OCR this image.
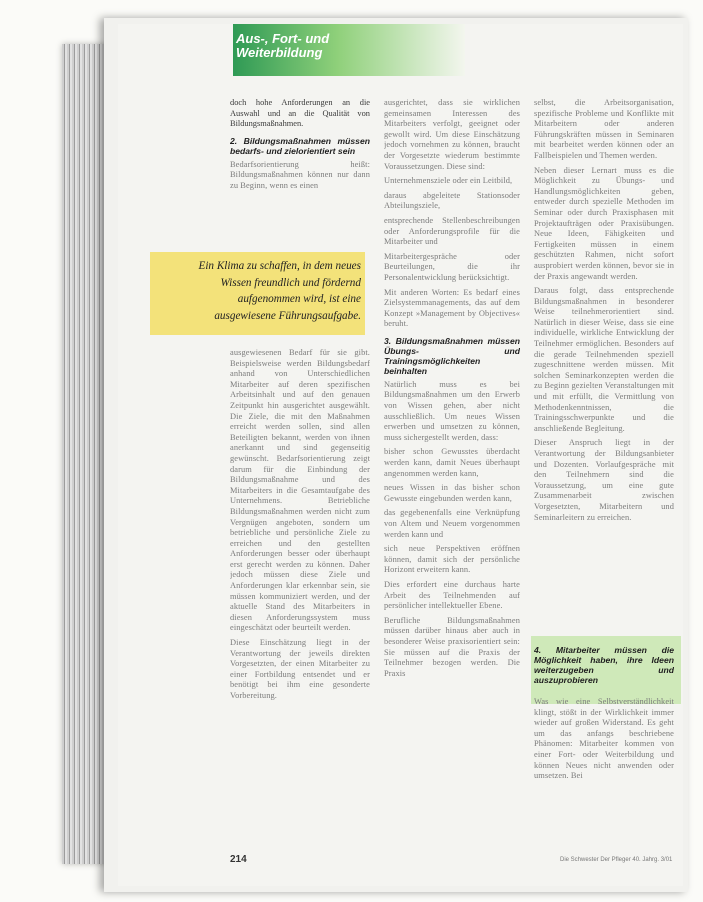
Aus-, Fort- und
Weiterbildung

doch hohe Anforderungen an die Auswahl und an die Qualität von Bildungsmaßnahmen.

2. Bildungsmaßnahmen müssen bedarfs- und zielorientiert sein

Bedarfsorientierung heißt: Bildungsmaßnahmen können nur dann zu Beginn, wenn es einen

Ein Klima zu schaffen, in dem neues
Wissen freundlich und fördernd
aufgenommen wird, ist eine
ausgewiesene Führungsaufgabe.

ausgewiesenen Bedarf für sie gibt. Beispielsweise werden Bildungsbedarf anhand von Unterschiedlichen Mitarbeiter auf deren spezifischen Arbeitsinhalt und auf den genauen Zeitpunkt hin ausgerichtet ausgewählt. Die Ziele, die mit den Maßnahmen erreicht werden sollen, sind allen Beteiligten bekannt, werden von ihnen anerkannt und sind gegenseitig gewünscht. Bedarfsorientierung zeigt darum für die Einbindung der Bildungsmaßnahme und des Mitarbeiters in die Gesamtaufgabe des Unternehmens. Betriebliche Bildungsmaßnahmen werden nicht zum Vergnügen angeboten, sondern um betriebliche und persönliche Ziele zu erreichen und den gestellten Anforderungen besser oder überhaupt erst gerecht werden zu können. Daher jedoch müssen diese Ziele und Anforderungen klar erkennbar sein, sie müssen kommuniziert werden, und der aktuelle Stand des Mitarbeiters in diesen Anforderungssystem muss eingeschätzt oder beurteilt werden.

Diese Einschätzung liegt in der Verantwortung der jeweils direkten Vorgesetzten, der einen Mitarbeiter zu einer Fortbildung entsendet und er benötigt bei ihm eine gesonderte Vorbereitung.

ausgerichtet, dass sie wirklichen gemeinsamen Interessen des Mitarbeiters verfolgt, geeignet oder gewollt wird. Um diese Einschätzung jedoch vornehmen zu können, braucht der Vorgesetzte wiederum bestimmte Voraussetzungen. Diese sind:

Unternehmensziele oder ein Leitbild,

daraus abgeleitete Stationsoder Abteilungsziele,

entsprechende Stellenbeschreibungen oder Anforderungsprofile für die Mitarbeiter und

Mitarbeitergespräche oder Beurteilungen, die ihr Personalentwicklung berücksichtigt.

Mit anderen Worten: Es bedarf eines Zielsystemmanagements, das auf dem Konzept »Management by Objectives« beruht.

3. Bildungsmaßnahmen müssen Übungs- und Trainingsmöglichkeiten beinhalten

Natürlich muss es bei Bildungsmaßnahmen um den Erwerb von Wissen gehen, aber nicht ausschließlich. Um neues Wissen erwerben und umsetzen zu können, muss sichergestellt werden, dass:

bisher schon Gewusstes überdacht werden kann, damit Neues überhaupt angenommen werden kann,

neues Wissen in das bisher schon Gewusste eingebunden werden kann,

das gegebenenfalls eine Verknüpfung von Altem und Neuem vorgenommen werden kann und

sich neue Perspektiven eröffnen können, damit sich der persönliche Horizont erweitern kann.

Dies erfordert eine durchaus harte Arbeit des Teilnehmenden auf persönlicher intellektueller Ebene.

Berufliche Bildungsmaßnahmen müssen darüber hinaus aber auch in besonderer Weise praxisorientiert sein: Sie müssen auf die Praxis der Teilnehmer bezogen werden. Die Praxis

selbst, die Arbeitsorganisation, spezifische Probleme und Konflikte mit Mitarbeitern oder anderen Führungskräften müssen in Seminaren mit bearbeitet werden können oder an Fallbeispielen und Themen werden.

Neben dieser Lernart muss es die Möglichkeit zu Übungs- und Handlungsmöglichkeiten geben, entweder durch spezielle Methoden im Seminar oder durch Praxisphasen mit Projektaufträgen oder Praxisübungen. Neue Ideen, Fähigkeiten und Fertigkeiten müssen in einem geschützten Rahmen, nicht sofort ausprobiert werden können, bevor sie in der Praxis angewandt werden.

Daraus folgt, dass entsprechende Bildungsmaßnahmen in besonderer Weise teilnehmerorientiert sind. Natürlich in dieser Weise, dass sie eine individuelle, wirkliche Entwicklung der Teilnehmer ermöglichen. Besonders auf die gerade Teilnehmenden speziell zugeschnittene werden müssen. Mit solchen Seminarkonzepten werden die zu Beginn gezielten Veranstaltungen mit und mit erfüllt, die Vermittlung von Methodenkenntnissen, die Trainingsschwerpunkte und die anschließende Begleitung.

Dieser Anspruch liegt in der Verantwortung der Bildungsanbieter und Dozenten. Vorlaufgespräche mit den Teilnehmern sind die Voraussetzung, um eine gute Zusammenarbeit zwischen Vorgesetzten, Mitarbeitern und Seminarleitern zu erreichen.

4. Mitarbeiter müssen die Möglichkeit haben, ihre Ideen weiterzugeben und auszuprobieren

Was wie eine Selbstverständlichkeit klingt, stößt in der Wirklichkeit immer wieder auf großen Widerstand. Es geht um das anfangs beschriebene Phänomen: Mitarbeiter kommen von einer Fort- oder Weiterbildung und können Neues nicht anwenden oder umsetzen. Bei

214	Die Schwester Der Pfleger 40. Jahrg. 3/01
